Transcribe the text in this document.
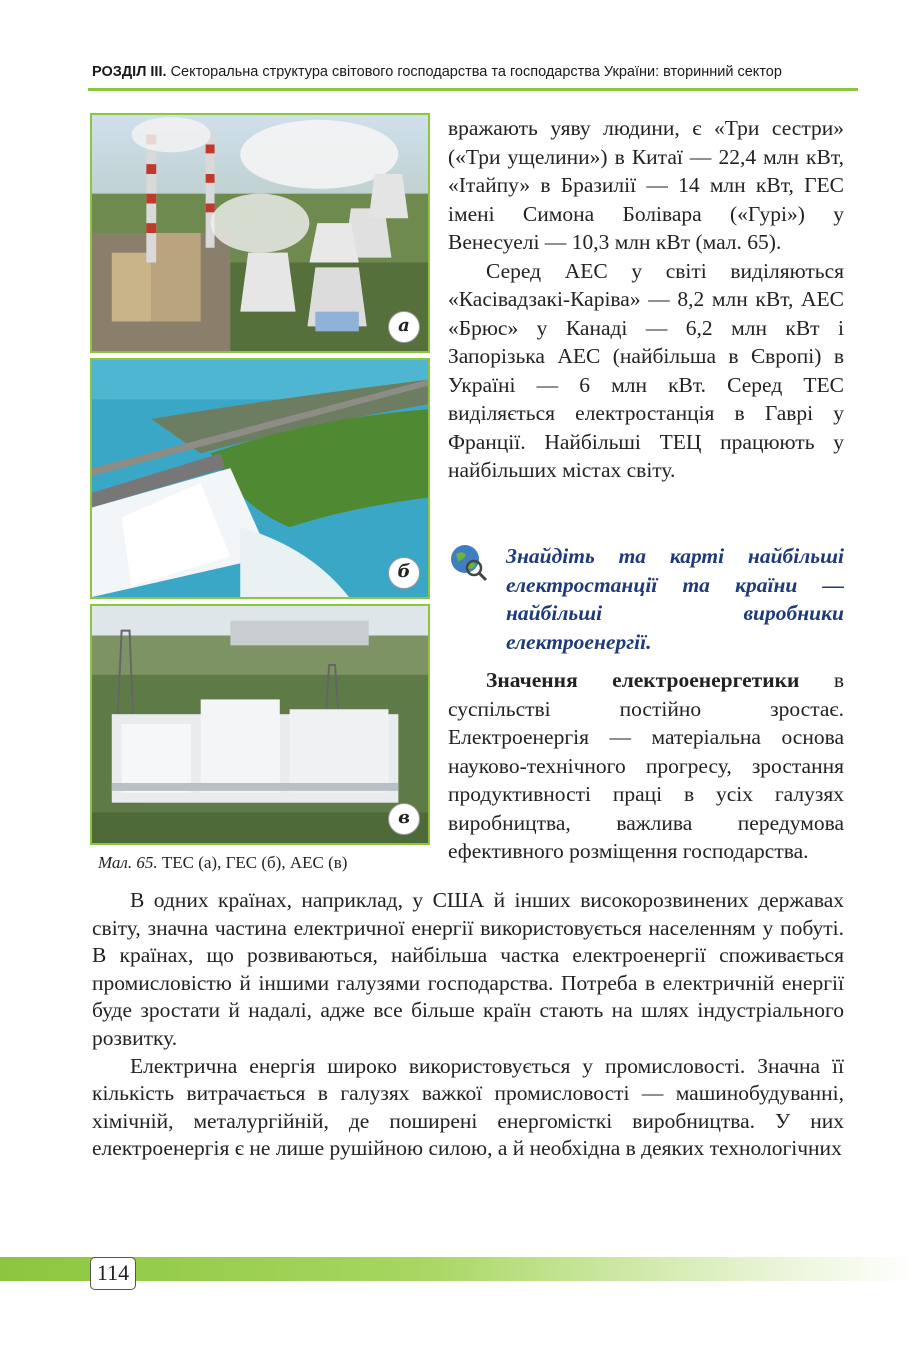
РОЗДІЛ III. Секторальна структура світового господарства та господарства України: вторинний сектор
а
б
в
Мал. 65. ТЕС (а), ГЕС (б), АЕС (в)

вражають уяву людини, є «Три сестри» («Три ущелини») в Китаї — 22,4 млн кВт, «Ітайпу» в Бразилії — 14 млн кВт, ГЕС імені Симона Болівара («Гурі») у Венесуелі — 10,3 млн кВт (мал. 65).

Серед АЕС у світі виділяються «Касівадзакі-Каріва» — 8,2 млн кВт, АЕС «Брюс» у Канаді — 6,2 млн кВт і Запорізька АЕС (найбільша в Європі) в Україні — 6 млн кВт. Серед ТЕС виділяється електростанція в Гаврі у Франції. Найбільші ТЕЦ працюють у найбільших містах світу.

Знайдіть та карті найбільші електростанції та країни — найбільші виробники електроенергії.

Значення електроенергетики в суспільстві постійно зростає. Електроенергія — матеріальна основа науково-технічного прогресу, зростання продуктивності праці в усіх галузях виробництва, важлива передумова ефективного розміщення господарства.

В одних країнах, наприклад, у США й інших високорозвинених державах світу, значна частина електричної енергії використовується населенням у побуті. В країнах, що розвиваються, найбільша частка електроенергії споживається промисловістю й іншими галузями господарства. Потреба в електричній енергії буде зростати й надалі, адже все більше країн стають на шлях індустріального розвитку.

Електрична енергія широко використовується у промисловості. Значна її кількість витрачається в галузях важкої промисловості — машинобудуванні, хімічній, металургійній, де поширені енергомісткі виробництва. У них електроенергія є не лише рушійною силою, а й необхідна в деяких технологічних

114
